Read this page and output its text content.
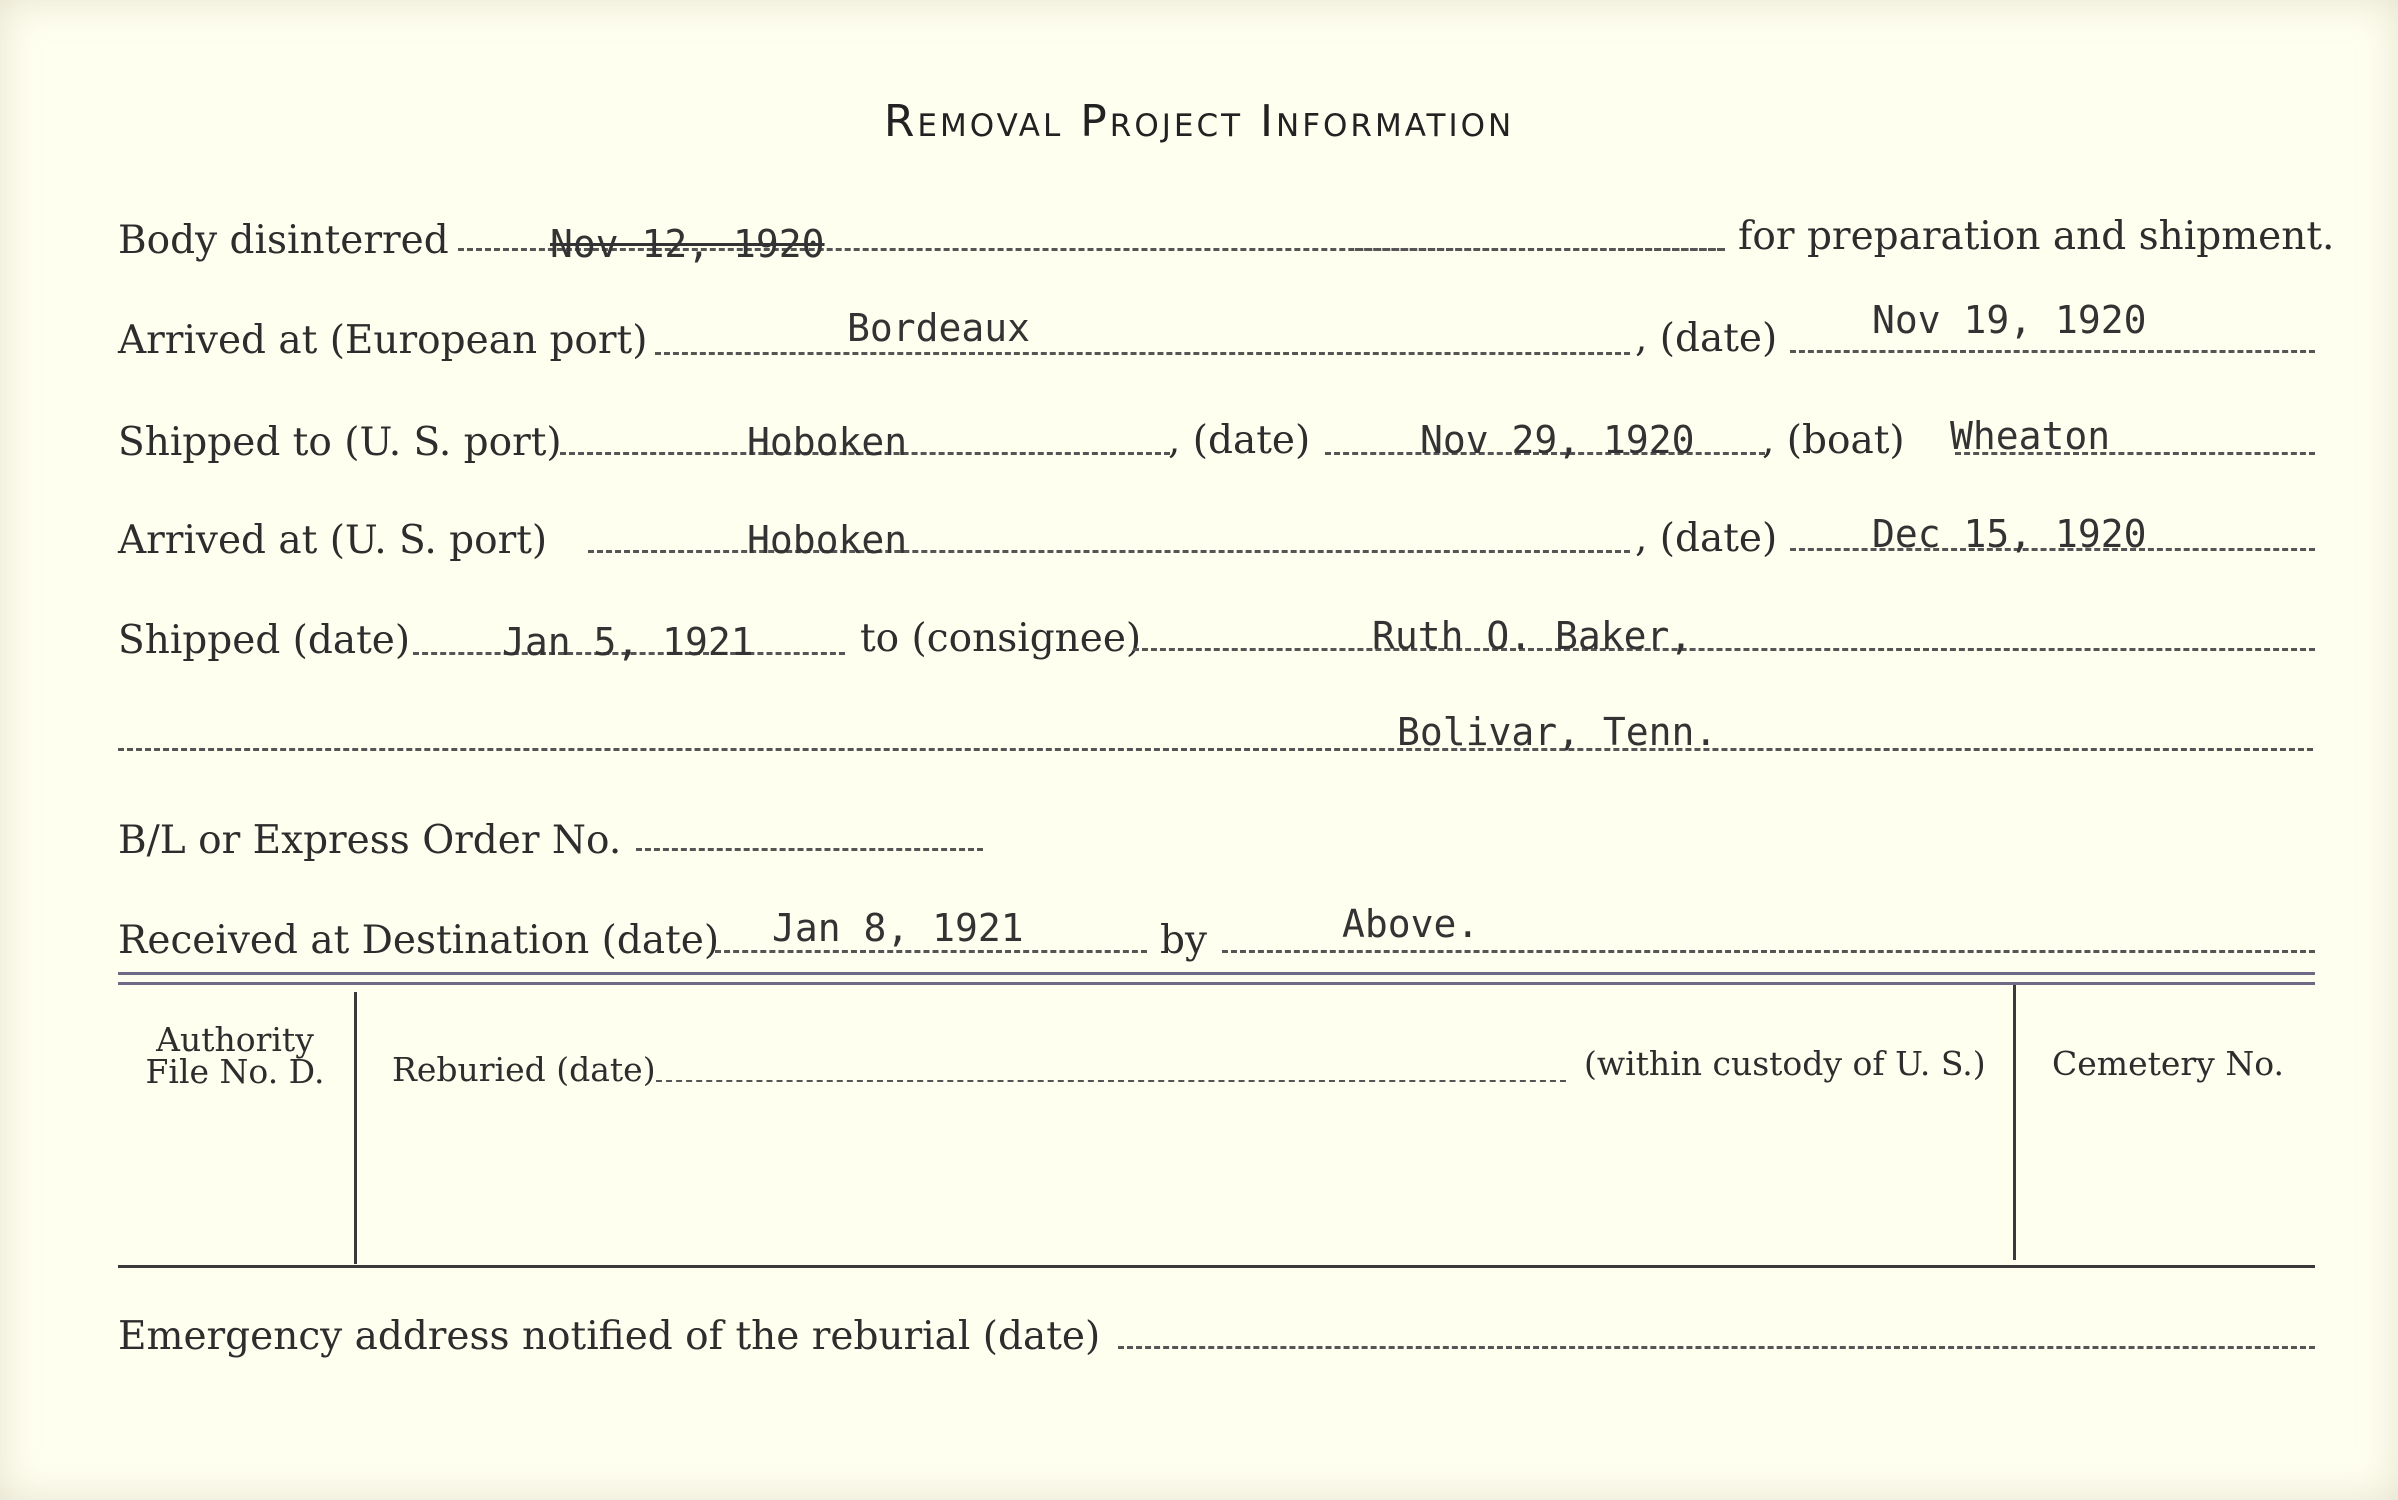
Removal Project Information
Body disinterred	Nov 12, 1920	for preparation and shipment.
Arrived at (European port)	Bordeaux	, (date) Nov 19, 1920
Shipped to (U. S. port)	Hoboken	, (date)	Nov 29, 1920 , (boat) Wheaton
Arrived at (U. S. port)	Hoboken	, (date) Dec 15, 1920
Shipped (date) Jan 5, 1921	to (consignee)	Ruth O. Baker,
Bolivar, Tenn.
B/L or Express Order No.
Received at Destination (date) Jan 8, 1921	by	Above.
Authority
File No. D.	Reburied (date)	(within custody of U. S.)	Cemetery No.
Emergency address notified of the reburial (date)
